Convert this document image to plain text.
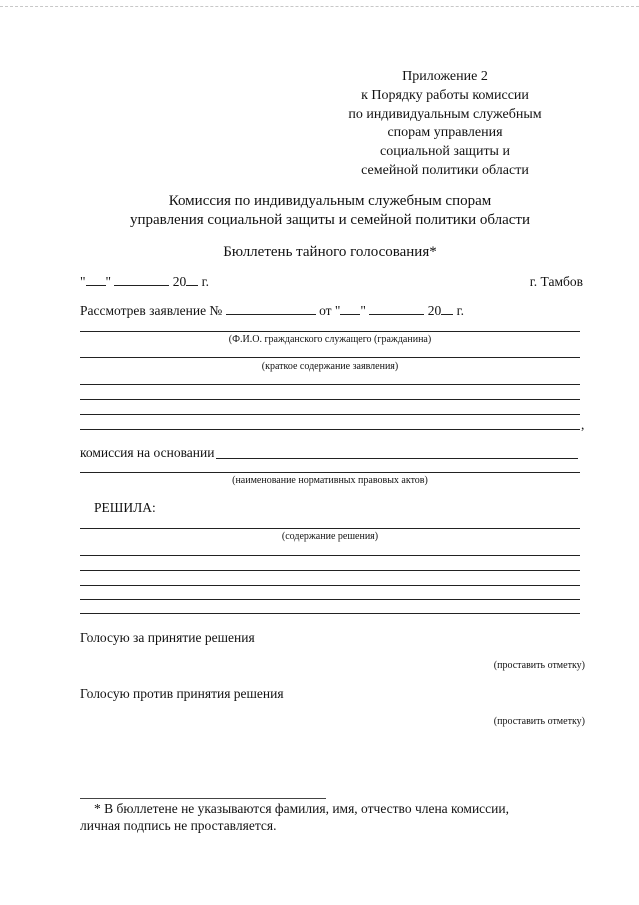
Приложение 2
к Порядку работы комиссии
по индивидуальным служебным
спорам управления
социальной защиты и
семейной политики области
Комиссия по индивидуальным служебным спорам
управления социальной защиты и семейной политики области
Бюллетень тайного голосования*
" "	20 г.	г. Тамбов
Рассмотрев заявление №	от " "	20 г.
(Ф.И.О. гражданского служащего (гражданина)
(краткое содержание заявления)
,
комиссия на основании
(наименование нормативных правовых актов)
РЕШИЛА:
(содержание решения)
Голосую за принятие решения
(проставить отметку)
Голосую против принятия решения
(проставить отметку)
* В бюллетене не указываются фамилия, имя, отчество члена комиссии,
личная подпись не проставляется.
